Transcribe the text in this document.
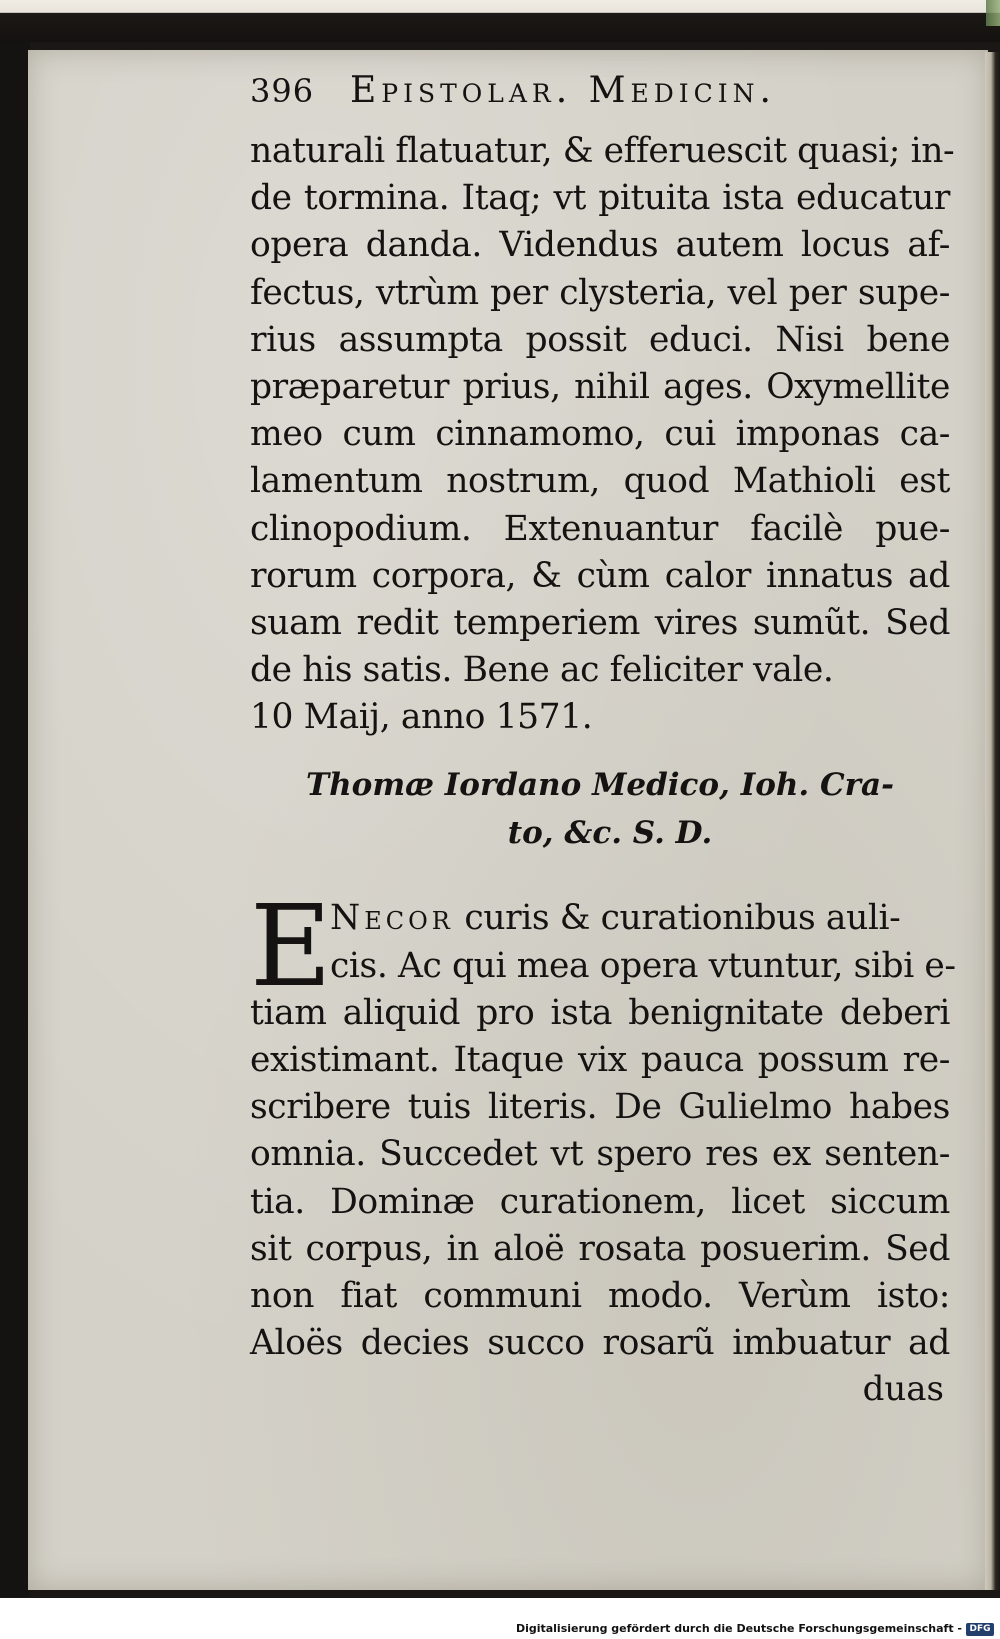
396 Epistolar. Medicin.
naturali flatuatur, & efferuescit quasi; in-
de tormina. Itaq; vt pituita ista educatur
opera danda. Videndus autem locus af-
fectus, vtrùm per clysteria, vel per supe-
rius assumpta possit educi. Nisi bene
præparetur prius, nihil ages. Oxymellite
meo cum cinnamomo, cui imponas ca-
lamentum nostrum, quod Mathioli est
clinopodium. Extenuantur facilè pue-
rorum corpora, & cùm calor innatus ad
suam redit temperiem vires sumũt. Sed
de his satis. Bene ac feliciter vale.
10 Maij, anno 1571.
Thomæ Iordano Medico, Ioh. Cra-
to, &c. S. D.
E
Necor curis & curationibus auli-
cis. Ac qui mea opera vtuntur, sibi e-
tiam aliquid pro ista benignitate deberi
existimant. Itaque vix pauca possum re-
scribere tuis literis. De Gulielmo habes
omnia. Succedet vt spero res ex senten-
tia. Dominæ curationem, licet siccum
sit corpus, in aloë rosata posuerim. Sed
non fiat communi modo. Verùm isto:
Aloës decies succo rosarũ imbuatur ad
duas
Digitalisierung gefördert durch die Deutsche Forschungsgemeinschaft - DFG
